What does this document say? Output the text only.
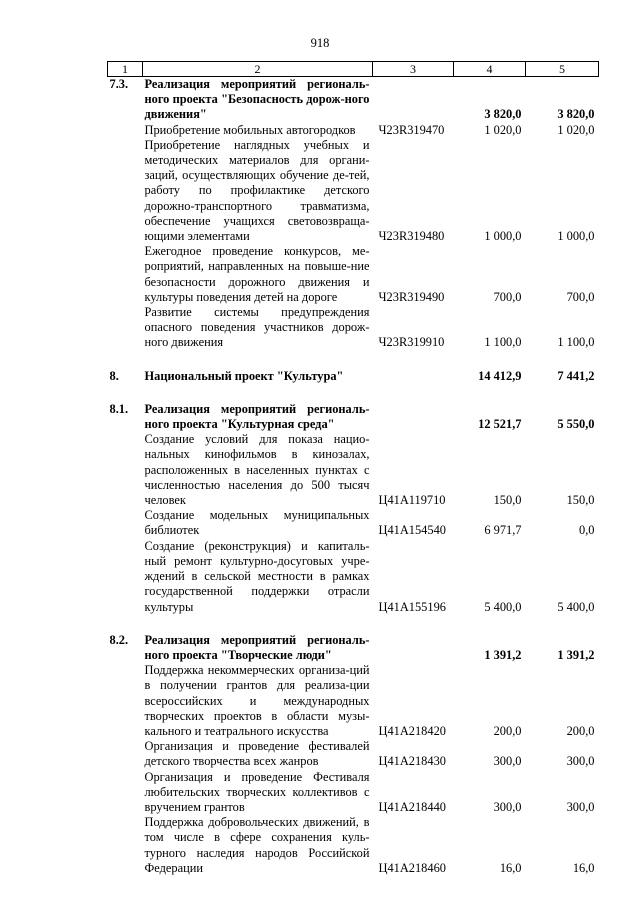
918
1	2	3	4	5
7.3.	Реализация мероприятий региональ-ного проекта "Безопасность дорож-ного движения"		3 820,0	3 820,0
	Приобретение мобильных автогородков	Ч23R319470	1 020,0	1 020,0
	Приобретение наглядных учебных и методических материалов для органи-заций, осуществляющих обучение де-тей, работу по профилактике детского дорожно-транспортного травматизма, обеспечение учащихся световозвраща-ющими элементами	Ч23R319480	1 000,0	1 000,0
	Ежегодное проведение конкурсов, ме-роприятий, направленных на повыше-ние безопасности дорожного движения и культуры поведения детей на дороге	Ч23R319490	700,0	700,0
	Развитие системы предупреждения опасного поведения участников дорож-ного движения	Ч23R319910	1 100,0	1 100,0

8.	Национальный проект "Культура"		14 412,9	7 441,2

8.1.	Реализация мероприятий региональ-ного проекта "Культурная среда"		12 521,7	5 550,0
	Создание условий для показа нацио-нальных кинофильмов в кинозалах, расположенных в населенных пунктах с численностью населения до 500 тысяч человек	Ц41А119710	150,0	150,0
	Создание модельных муниципальных библиотек	Ц41А154540	6 971,7	0,0
	Создание (реконструкция) и капиталь-ный ремонт культурно-досуговых учре-ждений в сельской местности в рамках государственной поддержки отрасли культуры	Ц41А155196	5 400,0	5 400,0

8.2.	Реализация мероприятий региональ-ного проекта "Творческие люди"		1 391,2	1 391,2
	Поддержка некоммерческих организа-ций в получении грантов для реализа-ции всероссийских и международных творческих проектов в области музы-кального и театрального искусства	Ц41А218420	200,0	200,0
	Организация и проведение фестивалей детского творчества всех жанров	Ц41А218430	300,0	300,0
	Организация и проведение Фестиваля любительских творческих коллективов с вручением грантов	Ц41А218440	300,0	300,0
	Поддержка добровольческих движений, в том числе в сфере сохранения куль-турного наследия народов Российской Федерации	Ц41А218460	16,0	16,0
